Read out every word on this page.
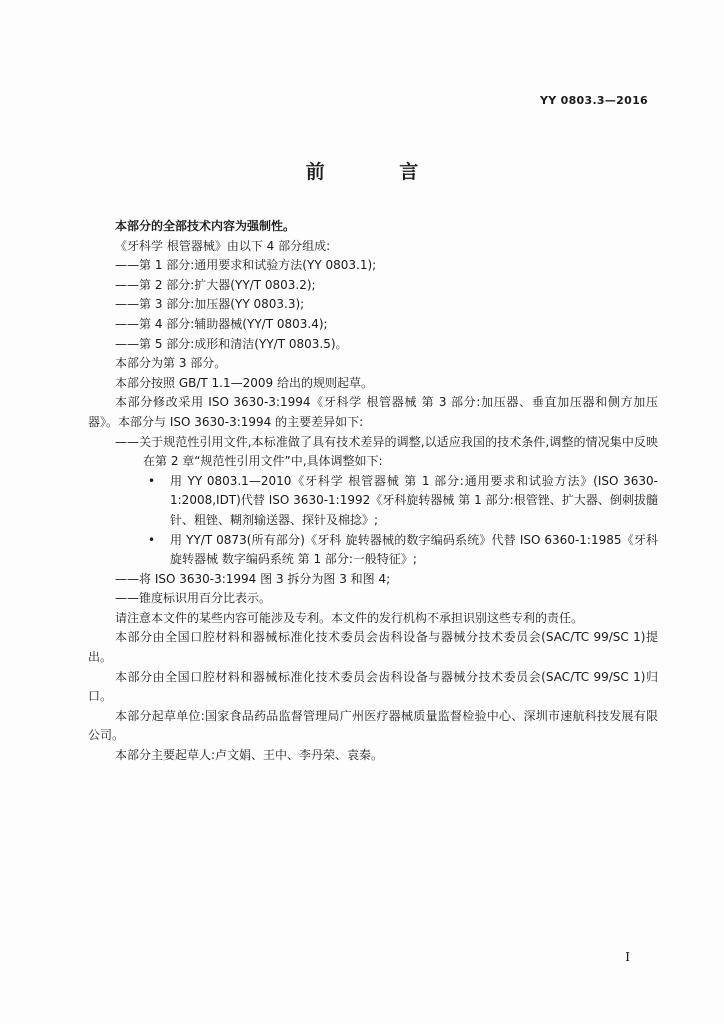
YY 0803.3—2016
前 言

本部分的全部技术内容为强制性。

《牙科学 根管器械》由以下 4 部分组成:

——第 1 部分:通用要求和试验方法(YY 0803.1);

——第 2 部分:扩大器(YY/T 0803.2);

——第 3 部分:加压器(YY 0803.3);

——第 4 部分:辅助器械(YY/T 0803.4);

——第 5 部分:成形和清洁(YY/T 0803.5)。

本部分为第 3 部分。

本部分按照 GB/T 1.1—2009 给出的规则起草。

本部分修改采用 ISO 3630-3:1994《牙科学 根管器械 第 3 部分:加压器、垂直加压器和侧方加压器》。本部分与 ISO 3630-3:1994 的主要差异如下:

——关于规范性引用文件,本标准做了具有技术差异的调整,以适应我国的技术条件,调整的情况集中反映在第 2 章“规范性引用文件”中,具体调整如下:

• 用 YY 0803.1—2010《牙科学 根管器械 第 1 部分:通用要求和试验方法》(ISO 3630-1:2008,IDT)代替 ISO 3630-1:1992《牙科旋转器械 第 1 部分:根管锉、扩大器、倒刺拔髓针、粗锉、糊剂输送器、探针及棉捻》;

• 用 YY/T 0873(所有部分)《牙科 旋转器械的数字编码系统》代替 ISO 6360-1:1985《牙科旋转器械 数字编码系统 第 1 部分:一般特征》;

——将 ISO 3630-3:1994 图 3 拆分为图 3 和图 4;

——锥度标识用百分比表示。

请注意本文件的某些内容可能涉及专利。本文件的发行机构不承担识别这些专利的责任。

本部分由全国口腔材料和器械标准化技术委员会齿科设备与器械分技术委员会(SAC/TC 99/SC 1)提出。

本部分由全国口腔材料和器械标准化技术委员会齿科设备与器械分技术委员会(SAC/TC 99/SC 1)归口。

本部分起草单位:国家食品药品监督管理局广州医疗器械质量监督检验中心、深圳市速航科技发展有限公司。

本部分主要起草人:卢文娟、王中、李丹荣、袁秦。

I
